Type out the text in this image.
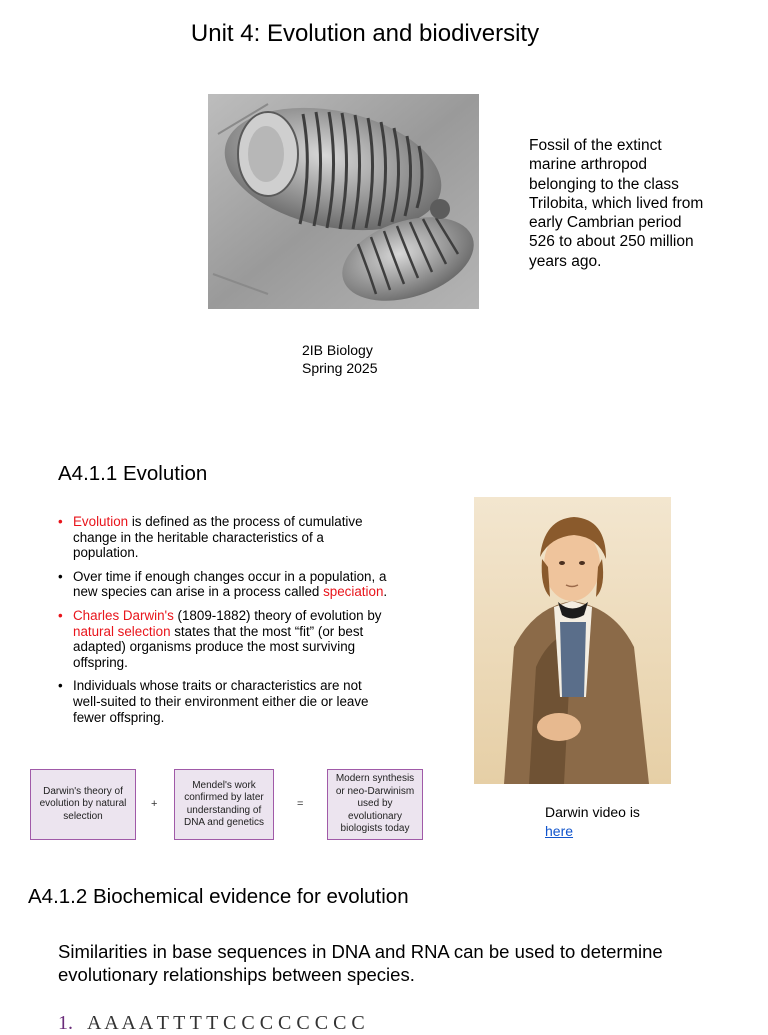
Unit 4: Evolution and biodiversity
Fossil of the extinct marine arthropod belonging to the class Trilobita, which lived from early Cambrian period 526 to about 250 million years ago.
2IB Biology
Spring 2025
A4.1.1 Evolution
• Evolution is defined as the process of cumulative change in the heritable characteristics of a population.
• Over time if enough changes occur in a population, a new species can arise in a process called speciation.
• Charles Darwin's (1809-1882) theory of evolution by natural selection states that the most “fit” (or best adapted) organisms produce the most surviving offspring.
• Individuals whose traits or characteristics are not well-suited to their environment either die or leave fewer offspring.
Darwin video is
here
Darwin's theory of evolution by natural selection
+
Mendel's work confirmed by later understanding of DNA and genetics
=
Modern synthesis or neo-Darwinism used by evolutionary biologists today
A4.1.2 Biochemical evidence for evolution
Similarities in base sequences in DNA and RNA can be used to determine evolutionary relationships between species.
1. A A A A T T T T C C C C C C C C
